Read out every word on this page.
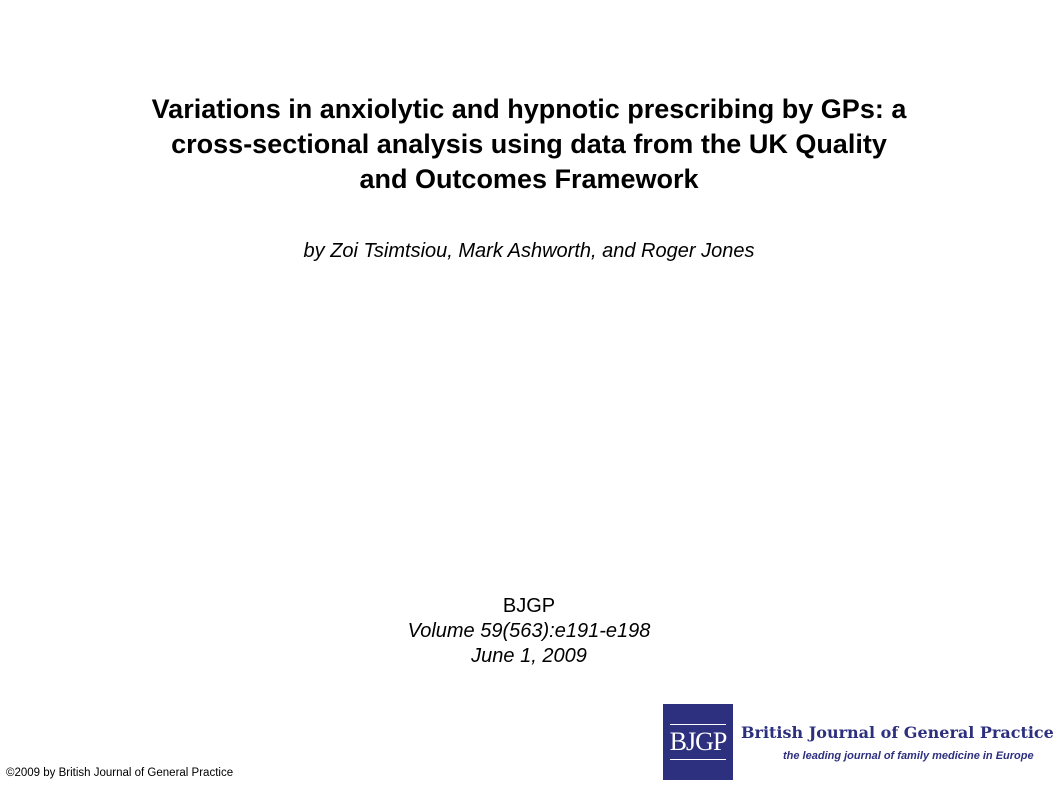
Variations in anxiolytic and hypnotic prescribing by GPs: a
cross-sectional analysis using data from the UK Quality
and Outcomes Framework
by Zoi Tsimtsiou, Mark Ashworth, and Roger Jones
BJGP
Volume 59(563):e191-e198
June 1, 2009
©2009 by British Journal of General Practice
BJGP British Journal of General Practice
the leading journal of family medicine in Europe
